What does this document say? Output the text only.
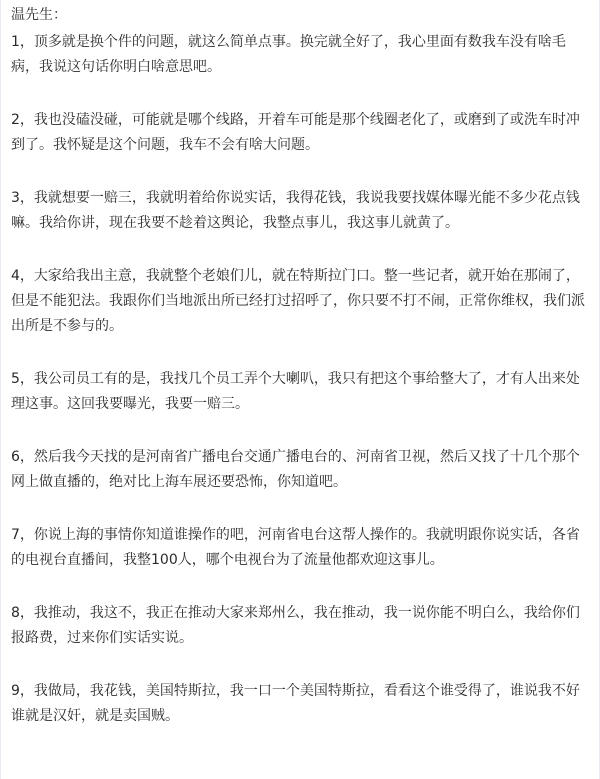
温先生：

1，顶多就是换个件的问题，就这么简单点事。换完就全好了，我心里面有数我车没有啥毛病，我说这句话你明白啥意思吧。

2，我也没磕没碰，可能就是哪个线路，开着车可能是那个线圈老化了，或磨到了或洗车时冲到了。我怀疑是这个问题，我车不会有啥大问题。

3，我就想要一赔三，我就明着给你说实话，我得花钱，我说我要找媒体曝光能不多少花点钱嘛。我给你讲，现在我要不趁着这舆论，我整点事儿，我这事儿就黄了。

4，大家给我出主意，我就整个老娘们儿，就在特斯拉门口。整一些记者，就开始在那闹了，但是不能犯法。我跟你们当地派出所已经打过招呼了，你只要不打不闹，正常你维权，我们派出所是不参与的。

5，我公司员工有的是，我找几个员工弄个大喇叭，我只有把这个事给整大了，才有人出来处理这事。这回我要曝光，我要一赔三。

6，然后我今天找的是河南省广播电台交通广播电台的、河南省卫视，然后又找了十几个那个网上做直播的，绝对比上海车展还要恐怖，你知道吧。

7，你说上海的事情你知道谁操作的吧，河南省电台这帮人操作的。我就明跟你说实话，各省的电视台直播间，我整100人，哪个电视台为了流量他都欢迎这事儿。

8，我推动，我这不，我正在推动大家来郑州么，我在推动，我一说你能不明白么，我给你们报路费，过来你们实话实说。

9，我做局，我花钱，美国特斯拉，我一口一个美国特斯拉，看看这个谁受得了，谁说我不好谁就是汉奸，就是卖国贼。
